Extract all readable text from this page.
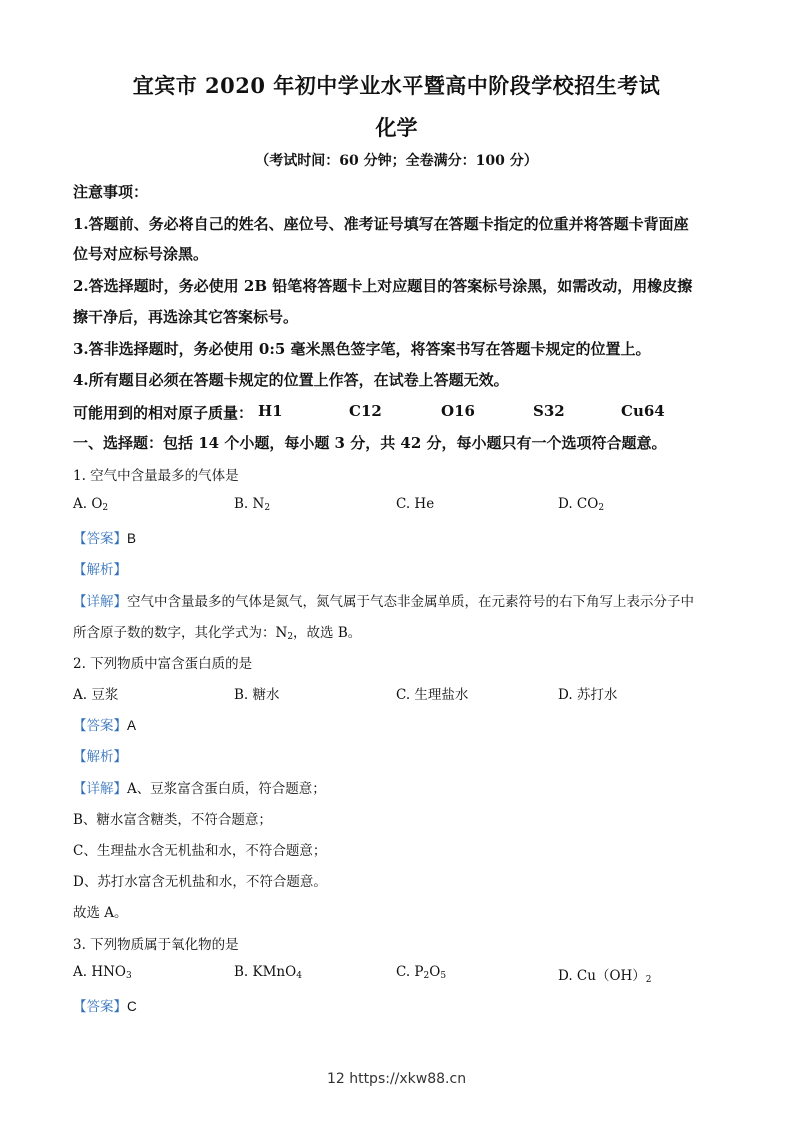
宜宾市 2020 年初中学业水平暨高中阶段学校招生考试
化学
（考试时间：60 分钟；全卷满分：100 分）
注意事项：
1.答题前、务必将自己的姓名、座位号、准考证号填写在答题卡指定的位重并将答题卡背面座
位号对应标号涂黑。
2.答选择题时，务必使用 2B 铅笔将答题卡上对应题目的答案标号涂黑，如需改动，用橡皮擦
擦干净后，再选涂其它答案标号。
3.答非选择题时，务必使用 0:5 毫米黑色签字笔，将答案书写在答题卡规定的位置上。
4.所有题目必须在答题卡规定的位置上作答，在试卷上答题无效。
可能用到的相对原子质量： H1	C12	O16	S32	Cu64
一、选择题：包括 14 个小题，每小题 3 分，共 42 分，每小题只有一个选项符合题意。
1. 空气中含量最多的气体是
A. $O_2$	B. $N_2$	C. He	D. $CO_2$
【答案】B
【解析】
【详解】空气中含量最多的气体是氮气，氮气属于气态非金属单质，在元素符号的右下角写上表示分子中
所含原子数的数字，其化学式为：$N_2$，故选 B。
2. 下列物质中富含蛋白质的是
A. 豆浆	B. 糖水	C. 生理盐水	D. 苏打水
【答案】A
【解析】
【详解】A、豆浆富含蛋白质，符合题意；
B、糖水富含糖类，不符合题意；
C、生理盐水含无机盐和水，不符合题意；
D、苏打水富含无机盐和水，不符合题意。
故选 A。
3. 下列物质属于氧化物的是
A. $HNO_3$	B. KMnO$_4$	C. $P_2O_5$	D. $Cu(OH)_2$
【答案】C
12 https://xkw88.cn
